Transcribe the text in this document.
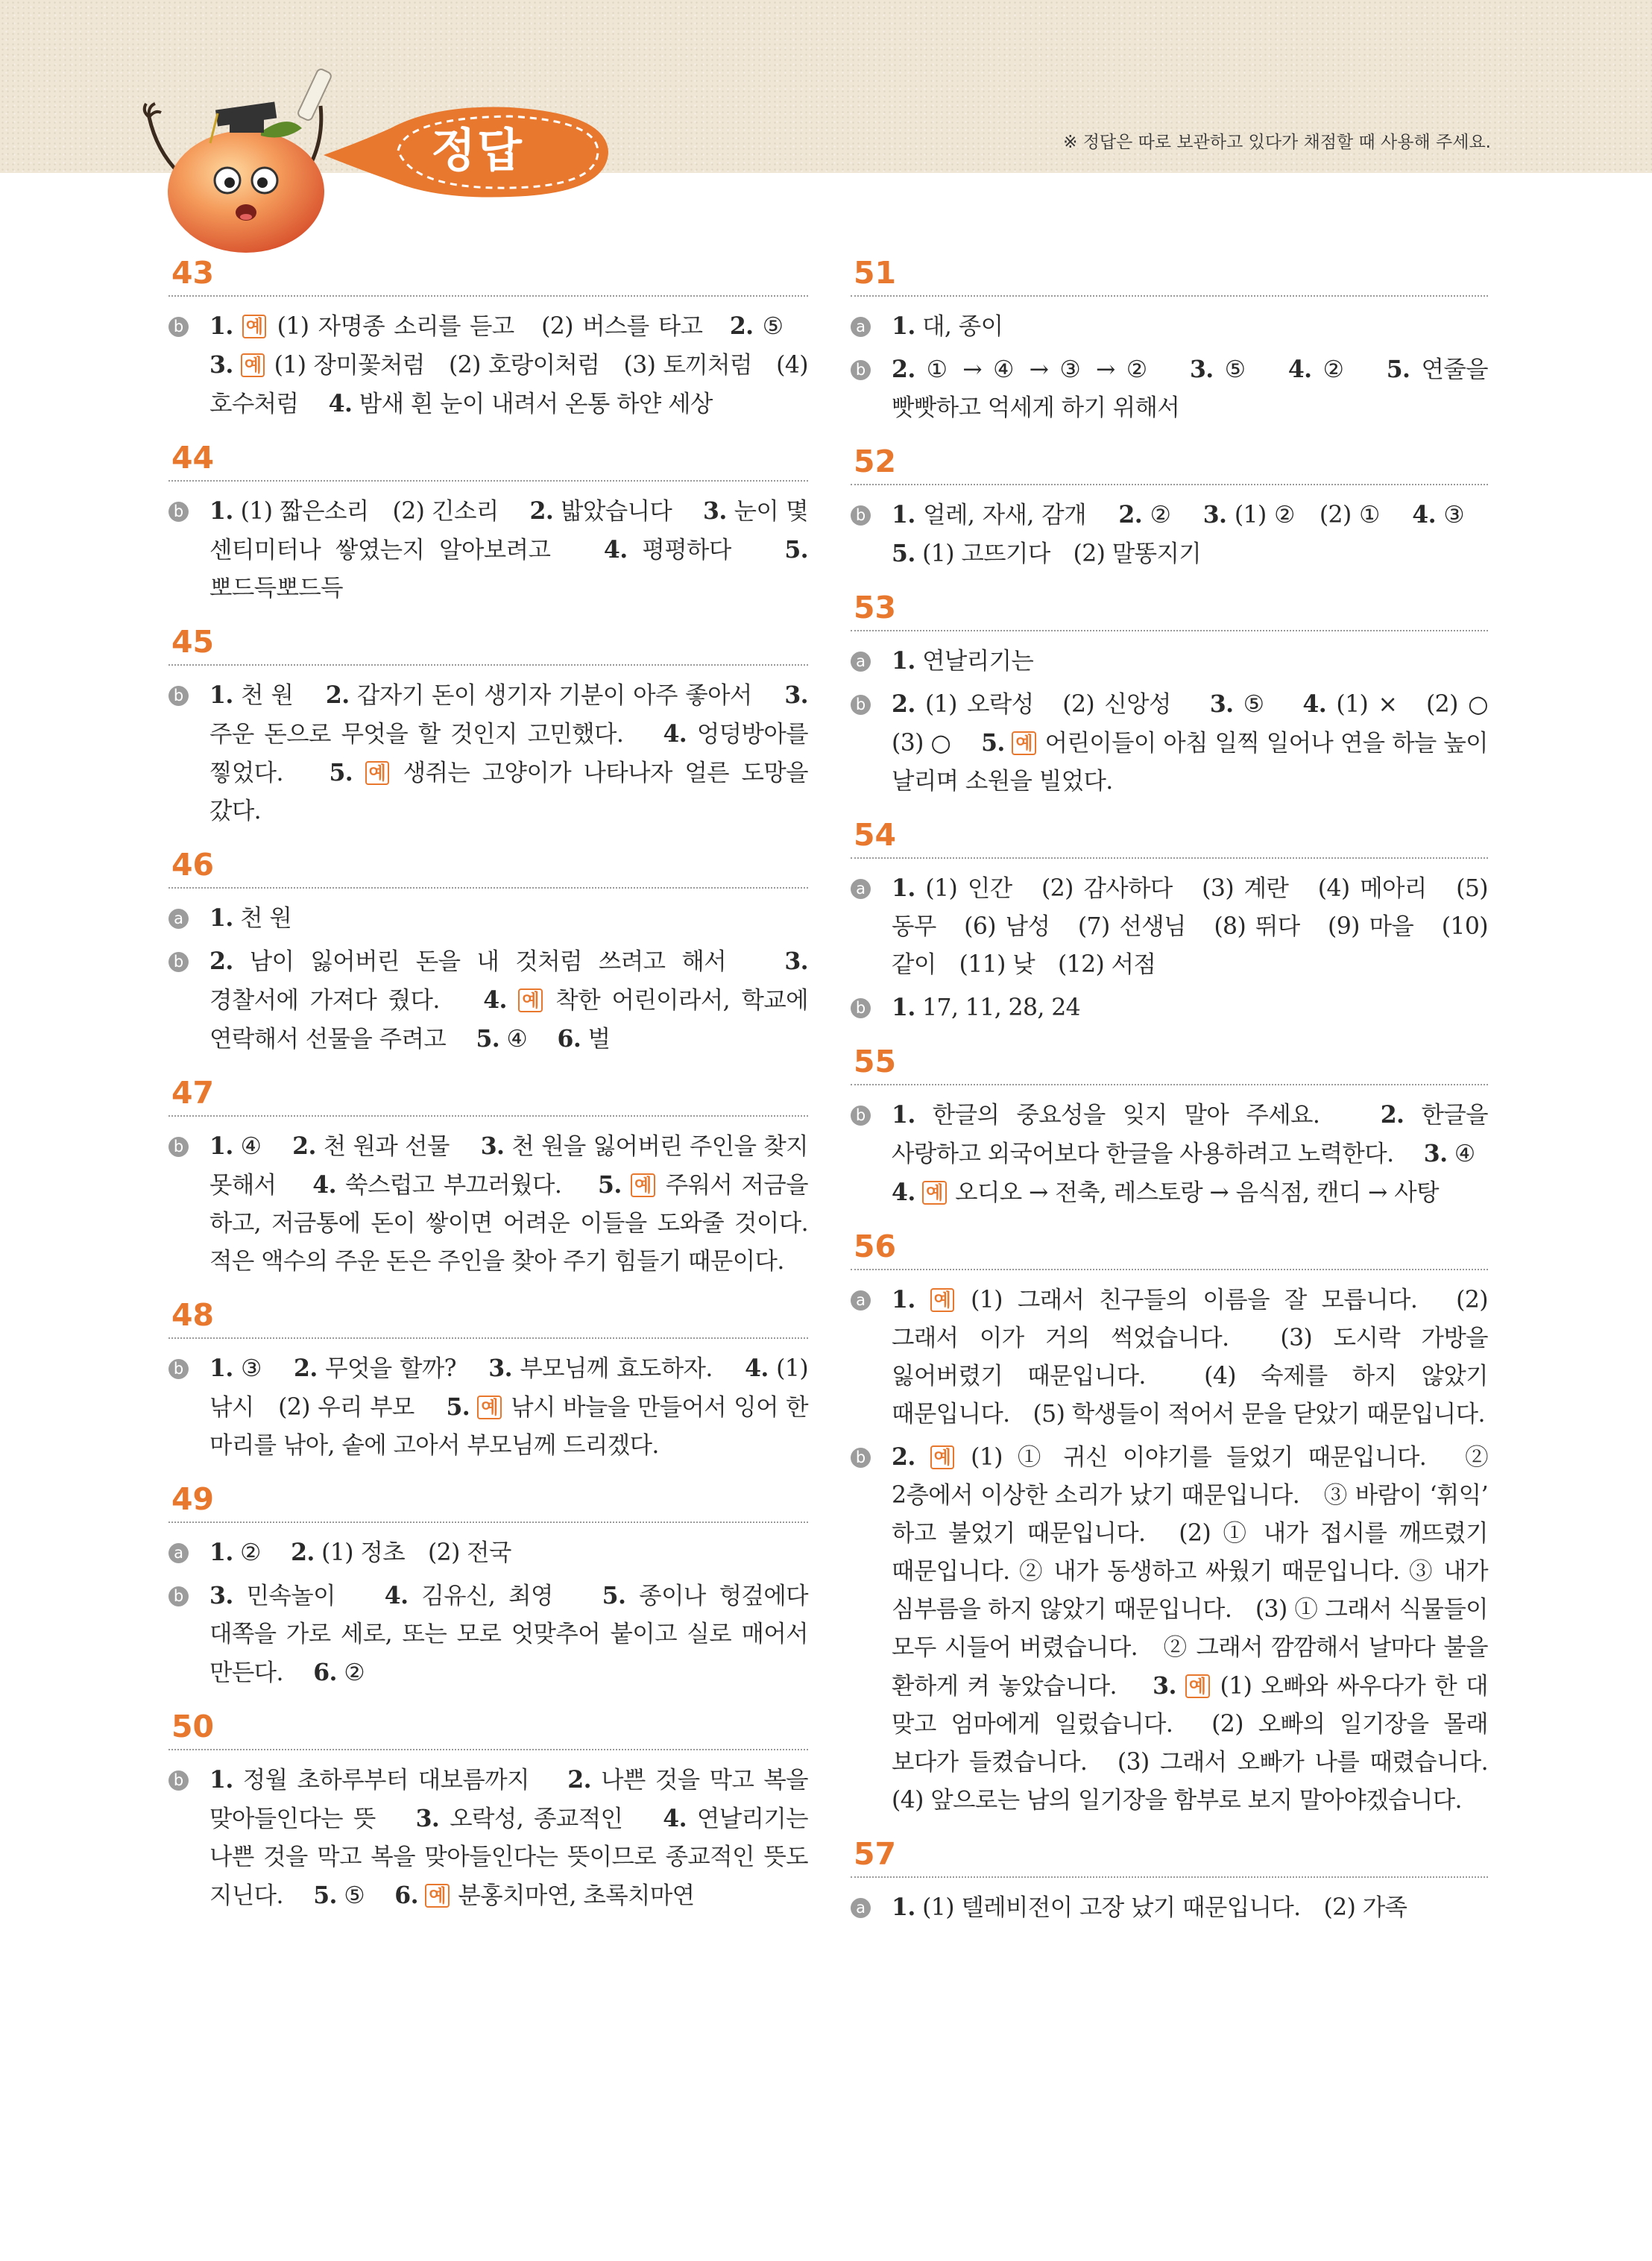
정답	※ 정답은 따로 보관하고 있다가 채점할 때 사용해 주세요.
43
b 1. 예 (1) 자명종 소리를 듣고　(2) 버스를 타고　2. ⑤　 3. 예 (1) 장미꽃처럼　(2) 호랑이처럼　(3) 토끼처럼　(4) 호수처럼　 4. 밤새 흰 눈이 내려서 온통 하얀 세상
44
b 1. (1) 짧은소리　(2) 긴소리　 2. 밟았습니다　 3. 눈이 몇 센티미터나 쌓였는지 알아보려고　 4. 평평하다　 5. 뽀드득뽀드득
45
b 1. 천 원　 2. 갑자기 돈이 생기자 기분이 아주 좋아서　 3. 주운 돈으로 무엇을 할 것인지 고민했다.　 4. 엉덩방아를 찧었다.　 5. 예 생쥐는 고양이가 나타나자 얼른 도망을 갔다.
46
a 1. 천 원
b 2. 남이 잃어버린 돈을 내 것처럼 쓰려고 해서　 3. 경찰서에 가져다 줬다.　 4. 예 착한 어린이라서, 학교에 연락해서 선물을 주려고　 5. ④　 6. 벌
47
b 1. ④　 2. 천 원과 선물　 3. 천 원을 잃어버린 주인을 찾지 못해서　 4. 쑥스럽고 부끄러웠다.　 5. 예 주워서 저금을 하고, 저금통에 돈이 쌓이면 어려운 이들을 도와줄 것이다. 적은 액수의 주운 돈은 주인을 찾아 주기 힘들기 때문이다.
48
b 1. ③　 2. 무엇을 할까?　 3. 부모님께 효도하자.　 4. (1) 낚시　(2) 우리 부모　 5. 예 낚시 바늘을 만들어서 잉어 한 마리를 낚아, 솥에 고아서 부모님께 드리겠다.
49
a 1. ②　 2. (1) 정초　(2) 전국
b 3. 민속놀이　 4. 김유신, 최영　 5. 종이나 헝겊에다 대쪽을 가로 세로, 또는 모로 엇맞추어 붙이고 실로 매어서 만든다.　 6. ②
50
b 1. 정월 초하루부터 대보름까지　 2. 나쁜 것을 막고 복을 맞아들인다는 뜻　 3. 오락성, 종교적인　 4. 연날리기는 나쁜 것을 막고 복을 맞아들인다는 뜻이므로 종교적인 뜻도 지닌다.　 5. ⑤　 6. 예 분홍치마연, 초록치마연
51
a 1. 대, 종이
b 2. ① → ④ → ③ → ②　 3. ⑤　 4. ②　 5. 연줄을 빳빳하고 억세게 하기 위해서
52
b 1. 얼레, 자새, 감개　 2. ②　 3. (1) ②　(2) ①　 4. ③　 5. (1) 고뜨기다　(2) 말똥지기
53
a 1. 연날리기는
b 2. (1) 오락성　(2) 신앙성　 3. ⑤　 4. (1) ×　(2) ○　(3) ○　 5. 예 어린이들이 아침 일찍 일어나 연을 하늘 높이 날리며 소원을 빌었다.
54
a 1. (1) 인간　(2) 감사하다　(3) 계란　(4) 메아리　(5) 동무　(6) 남성　(7) 선생님　(8) 뛰다　(9) 마을　(10) 같이　(11) 낮　(12) 서점
b 1. 17, 11, 28, 24
55
b 1. 한글의 중요성을 잊지 말아 주세요.　 2. 한글을 사랑하고 외국어보다 한글을 사용하려고 노력한다.　 3. ④　 4. 예 오디오 → 전축, 레스토랑 → 음식점, 캔디 → 사탕
56
a 1. 예 (1) 그래서 친구들의 이름을 잘 모릅니다.　(2) 그래서 이가 거의 썩었습니다.　(3) 도시락 가방을 잃어버렸기 때문입니다.　(4) 숙제를 하지 않았기 때문입니다.　(5) 학생들이 적어서 문을 닫았기 때문입니다.
b 2. 예 (1) ① 귀신 이야기를 들었기 때문입니다.　② 2층에서 이상한 소리가 났기 때문입니다.　③ 바람이 ‘휘익’ 하고 불었기 때문입니다.　(2) ① 내가 접시를 깨뜨렸기 때문입니다. ② 내가 동생하고 싸웠기 때문입니다. ③ 내가 심부름을 하지 않았기 때문입니다.　(3) ① 그래서 식물들이 모두 시들어 버렸습니다.　② 그래서 깜깜해서 날마다 불을 환하게 켜 놓았습니다.　 3. 예 (1) 오빠와 싸우다가 한 대 맞고 엄마에게 일렀습니다.　(2) 오빠의 일기장을 몰래 보다가 들켰습니다.　(3) 그래서 오빠가 나를 때렸습니다.　(4) 앞으로는 남의 일기장을 함부로 보지 말아야겠습니다.
57
a 1. (1) 텔레비전이 고장 났기 때문입니다.　(2) 가족
